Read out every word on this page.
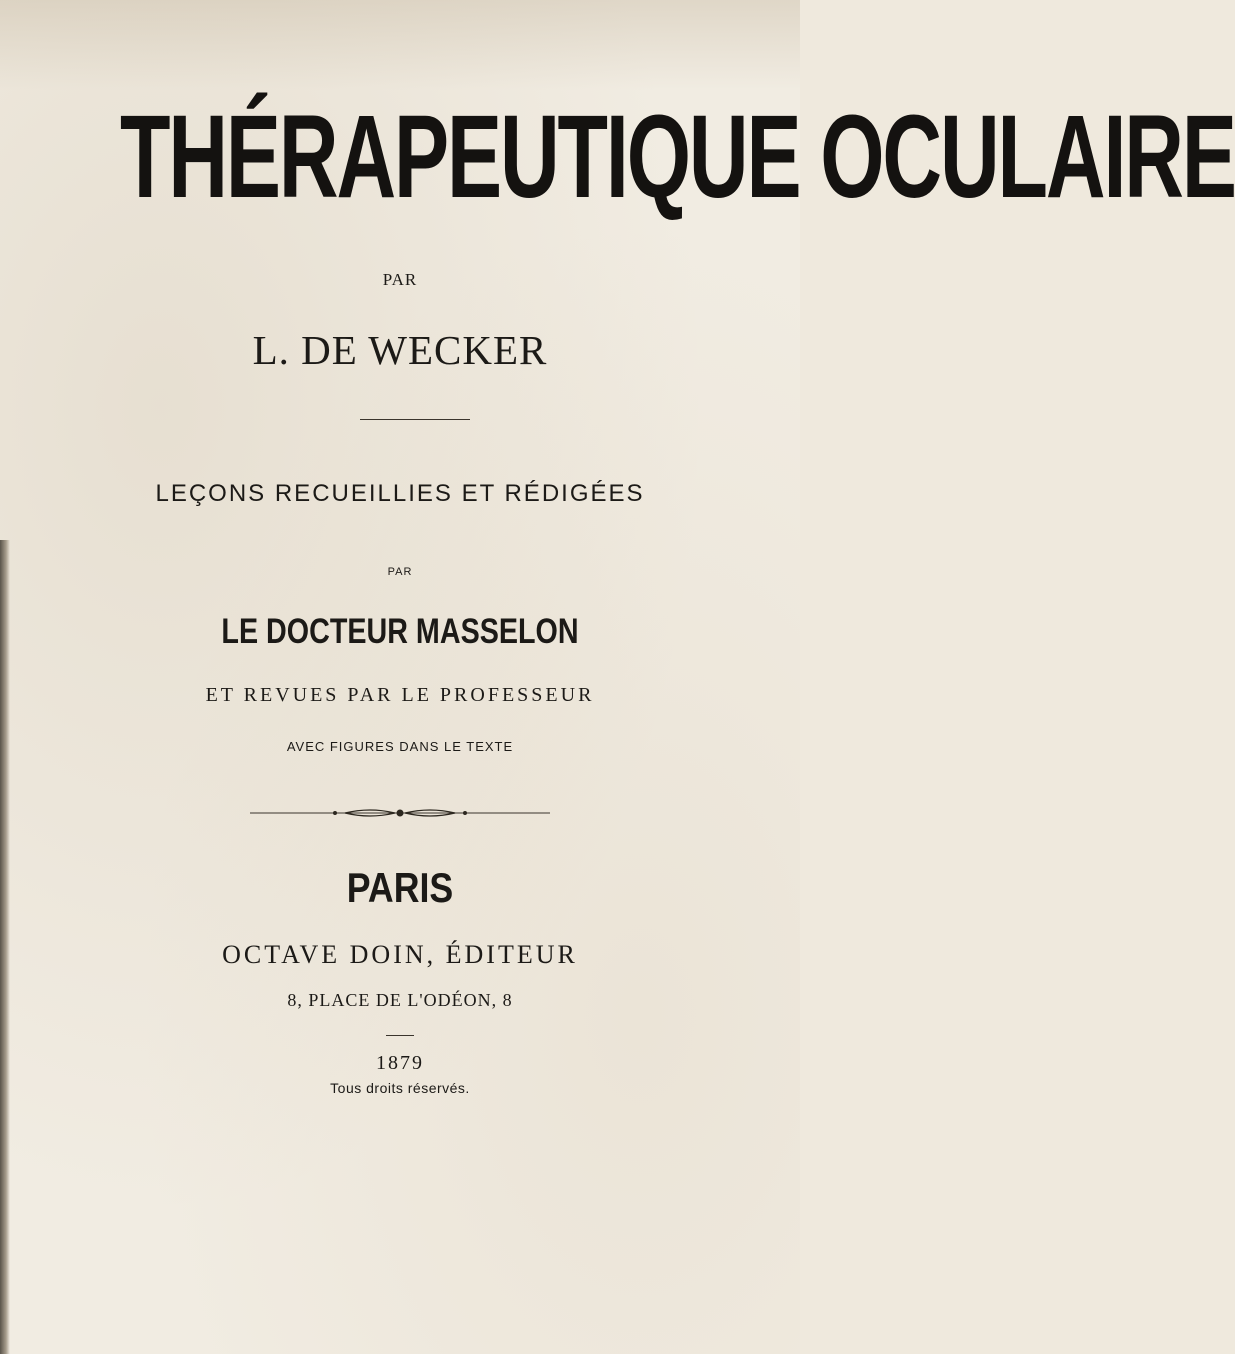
THÉRAPEUTIQUE OCULAIRE
PAR
L. DE WECKER
LEÇONS RECUEILLIES ET RÉDIGÉES
PAR
LE DOCTEUR MASSELON
ET REVUES PAR LE PROFESSEUR
AVEC FIGURES DANS LE TEXTE
PARIS
OCTAVE DOIN, ÉDITEUR
8, PLACE DE L'ODÉON, 8
1879
Tous droits réservés.
